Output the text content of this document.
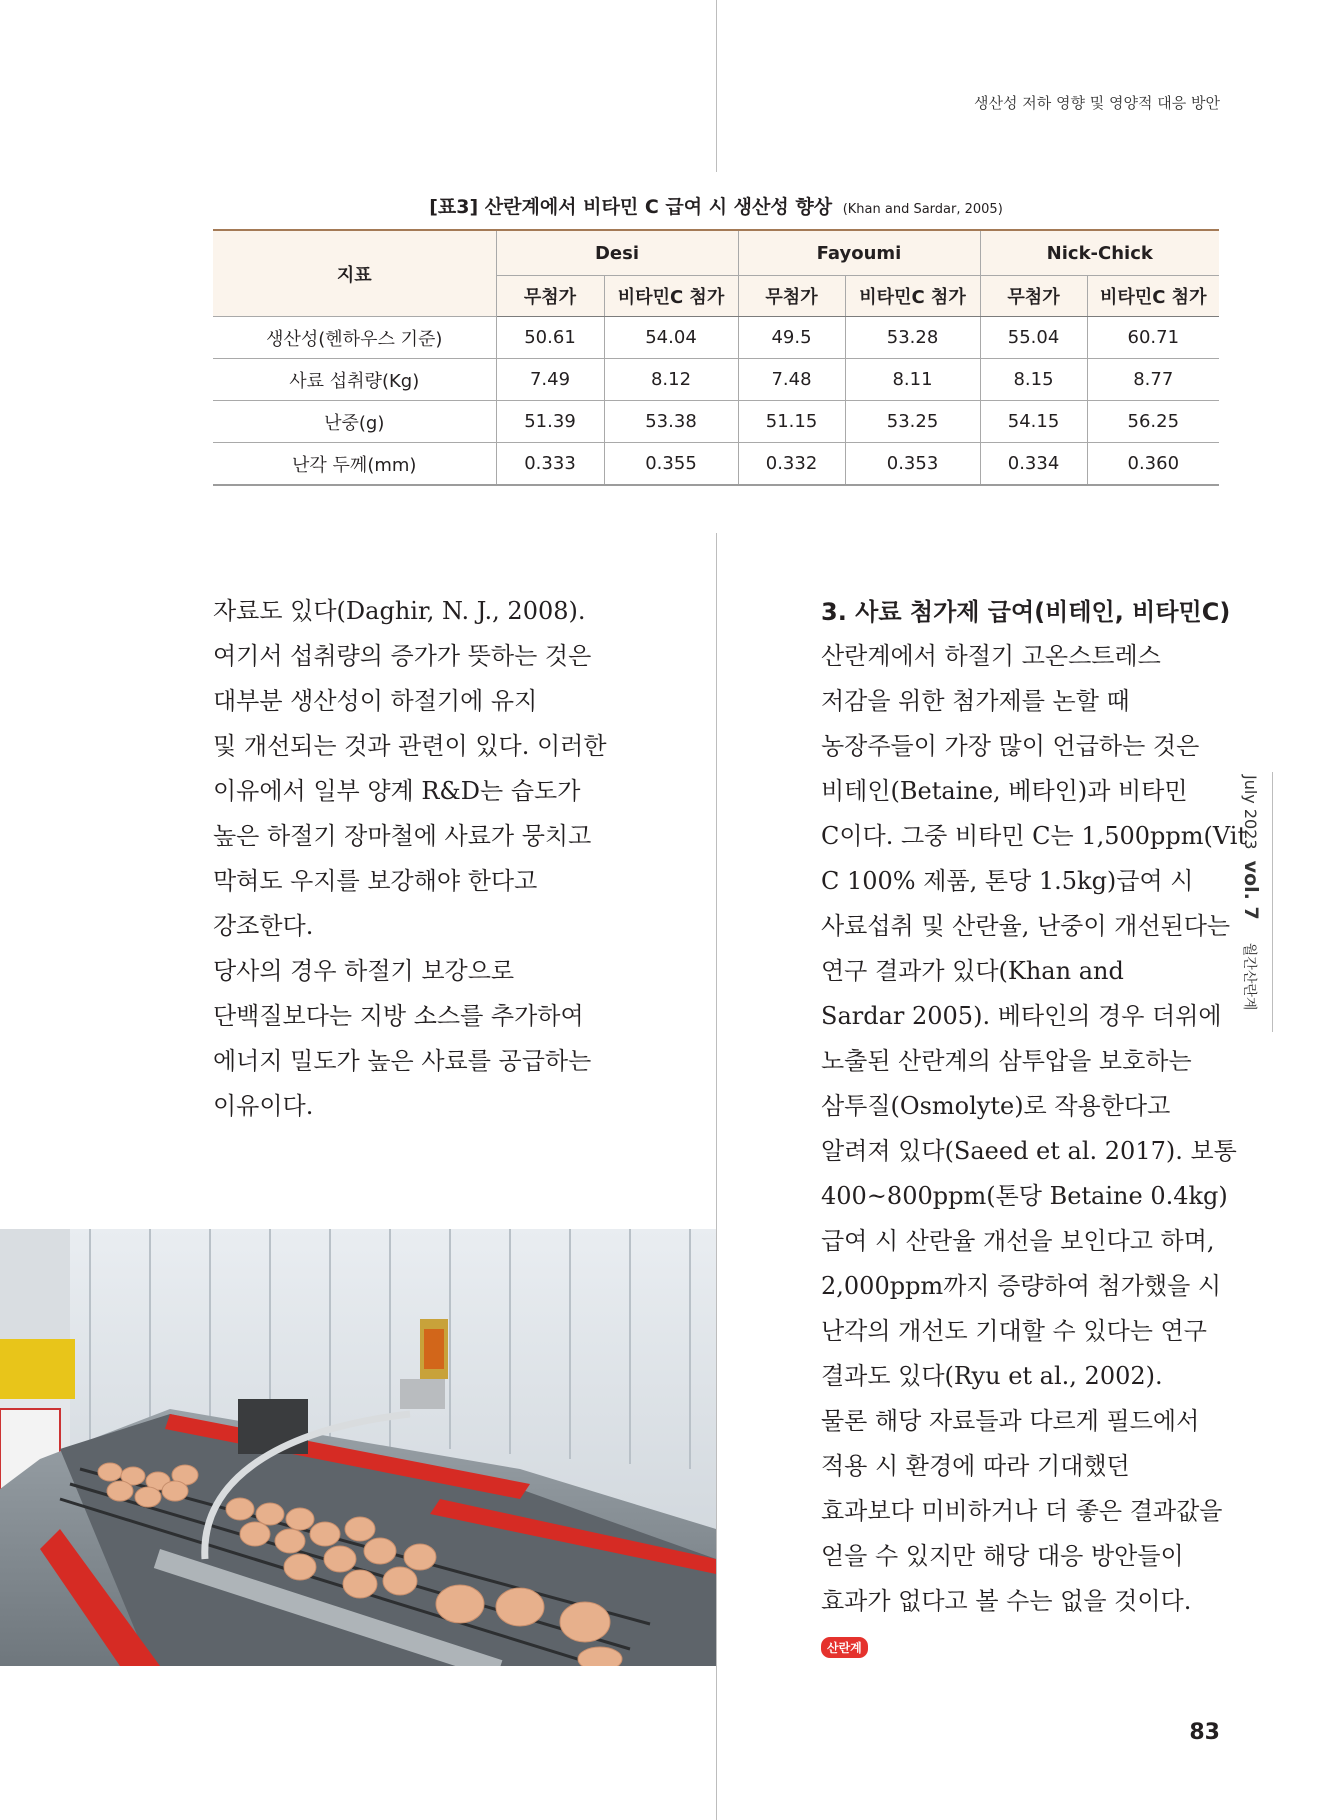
생산성 저하 영향 및 영양적 대응 방안
[표3] 산란계에서 비타민 C 급여 시 생산성 향상 (Khan and Sardar, 2005)
지표	Desi		Fayoumi		Nick-Chick	
	무첨가	비타민C 첨가	무첨가	비타민C 첨가	무첨가	비타민C 첨가
생산성(헨하우스 기준)	50.61	54.04	49.5	53.28	55.04	60.71
사료 섭취량(Kg)	7.49	8.12	7.48	8.11	8.15	8.77
난중(g)	51.39	53.38	51.15	53.25	54.15	56.25
난각 두께(mm)	0.333	0.355	0.332	0.353	0.334	0.360

자료도 있다(Daghir, N. J., 2008).

여기서 섭취량의 증가가 뜻하는 것은

대부분 생산성이 하절기에 유지

및 개선되는 것과 관련이 있다. 이러한

이유에서 일부 양계 R&D는 습도가

높은 하절기 장마철에 사료가 뭉치고

막혀도 우지를 보강해야 한다고

강조한다.

당사의 경우 하절기 보강으로

단백질보다는 지방 소스를 추가하여

에너지 밀도가 높은 사료를 공급하는

이유이다.

3. 사료 첨가제 급여(비테인, 비타민C)

산란계에서 하절기 고온스트레스

저감을 위한 첨가제를 논할 때

농장주들이 가장 많이 언급하는 것은

비테인(Betaine, 베타인)과 비타민

C이다. 그중 비타민 C는 1,500ppm(Vit

C 100% 제품, 톤당 1.5kg)급여 시

사료섭취 및 산란율, 난중이 개선된다는

연구 결과가 있다(Khan and

Sardar 2005). 베타인의 경우 더위에

노출된 산란계의 삼투압을 보호하는

삼투질(Osmolyte)로 작용한다고

알려져 있다(Saeed et al. 2017). 보통

400~800ppm(톤당 Betaine 0.4kg)

급여 시 산란율 개선을 보인다고 하며,

2,000ppm까지 증량하여 첨가했을 시

난각의 개선도 기대할 수 있다는 연구

결과도 있다(Ryu et al., 2002).

물론 해당 자료들과 다르게 필드에서

적용 시 환경에 따라 기대했던

효과보다 미비하거나 더 좋은 결과값을

얻을 수 있지만 해당 대응 방안들이

효과가 없다고 볼 수는 없을 것이다.

산란계
July 2023 vol. 7 월간산란계
83
